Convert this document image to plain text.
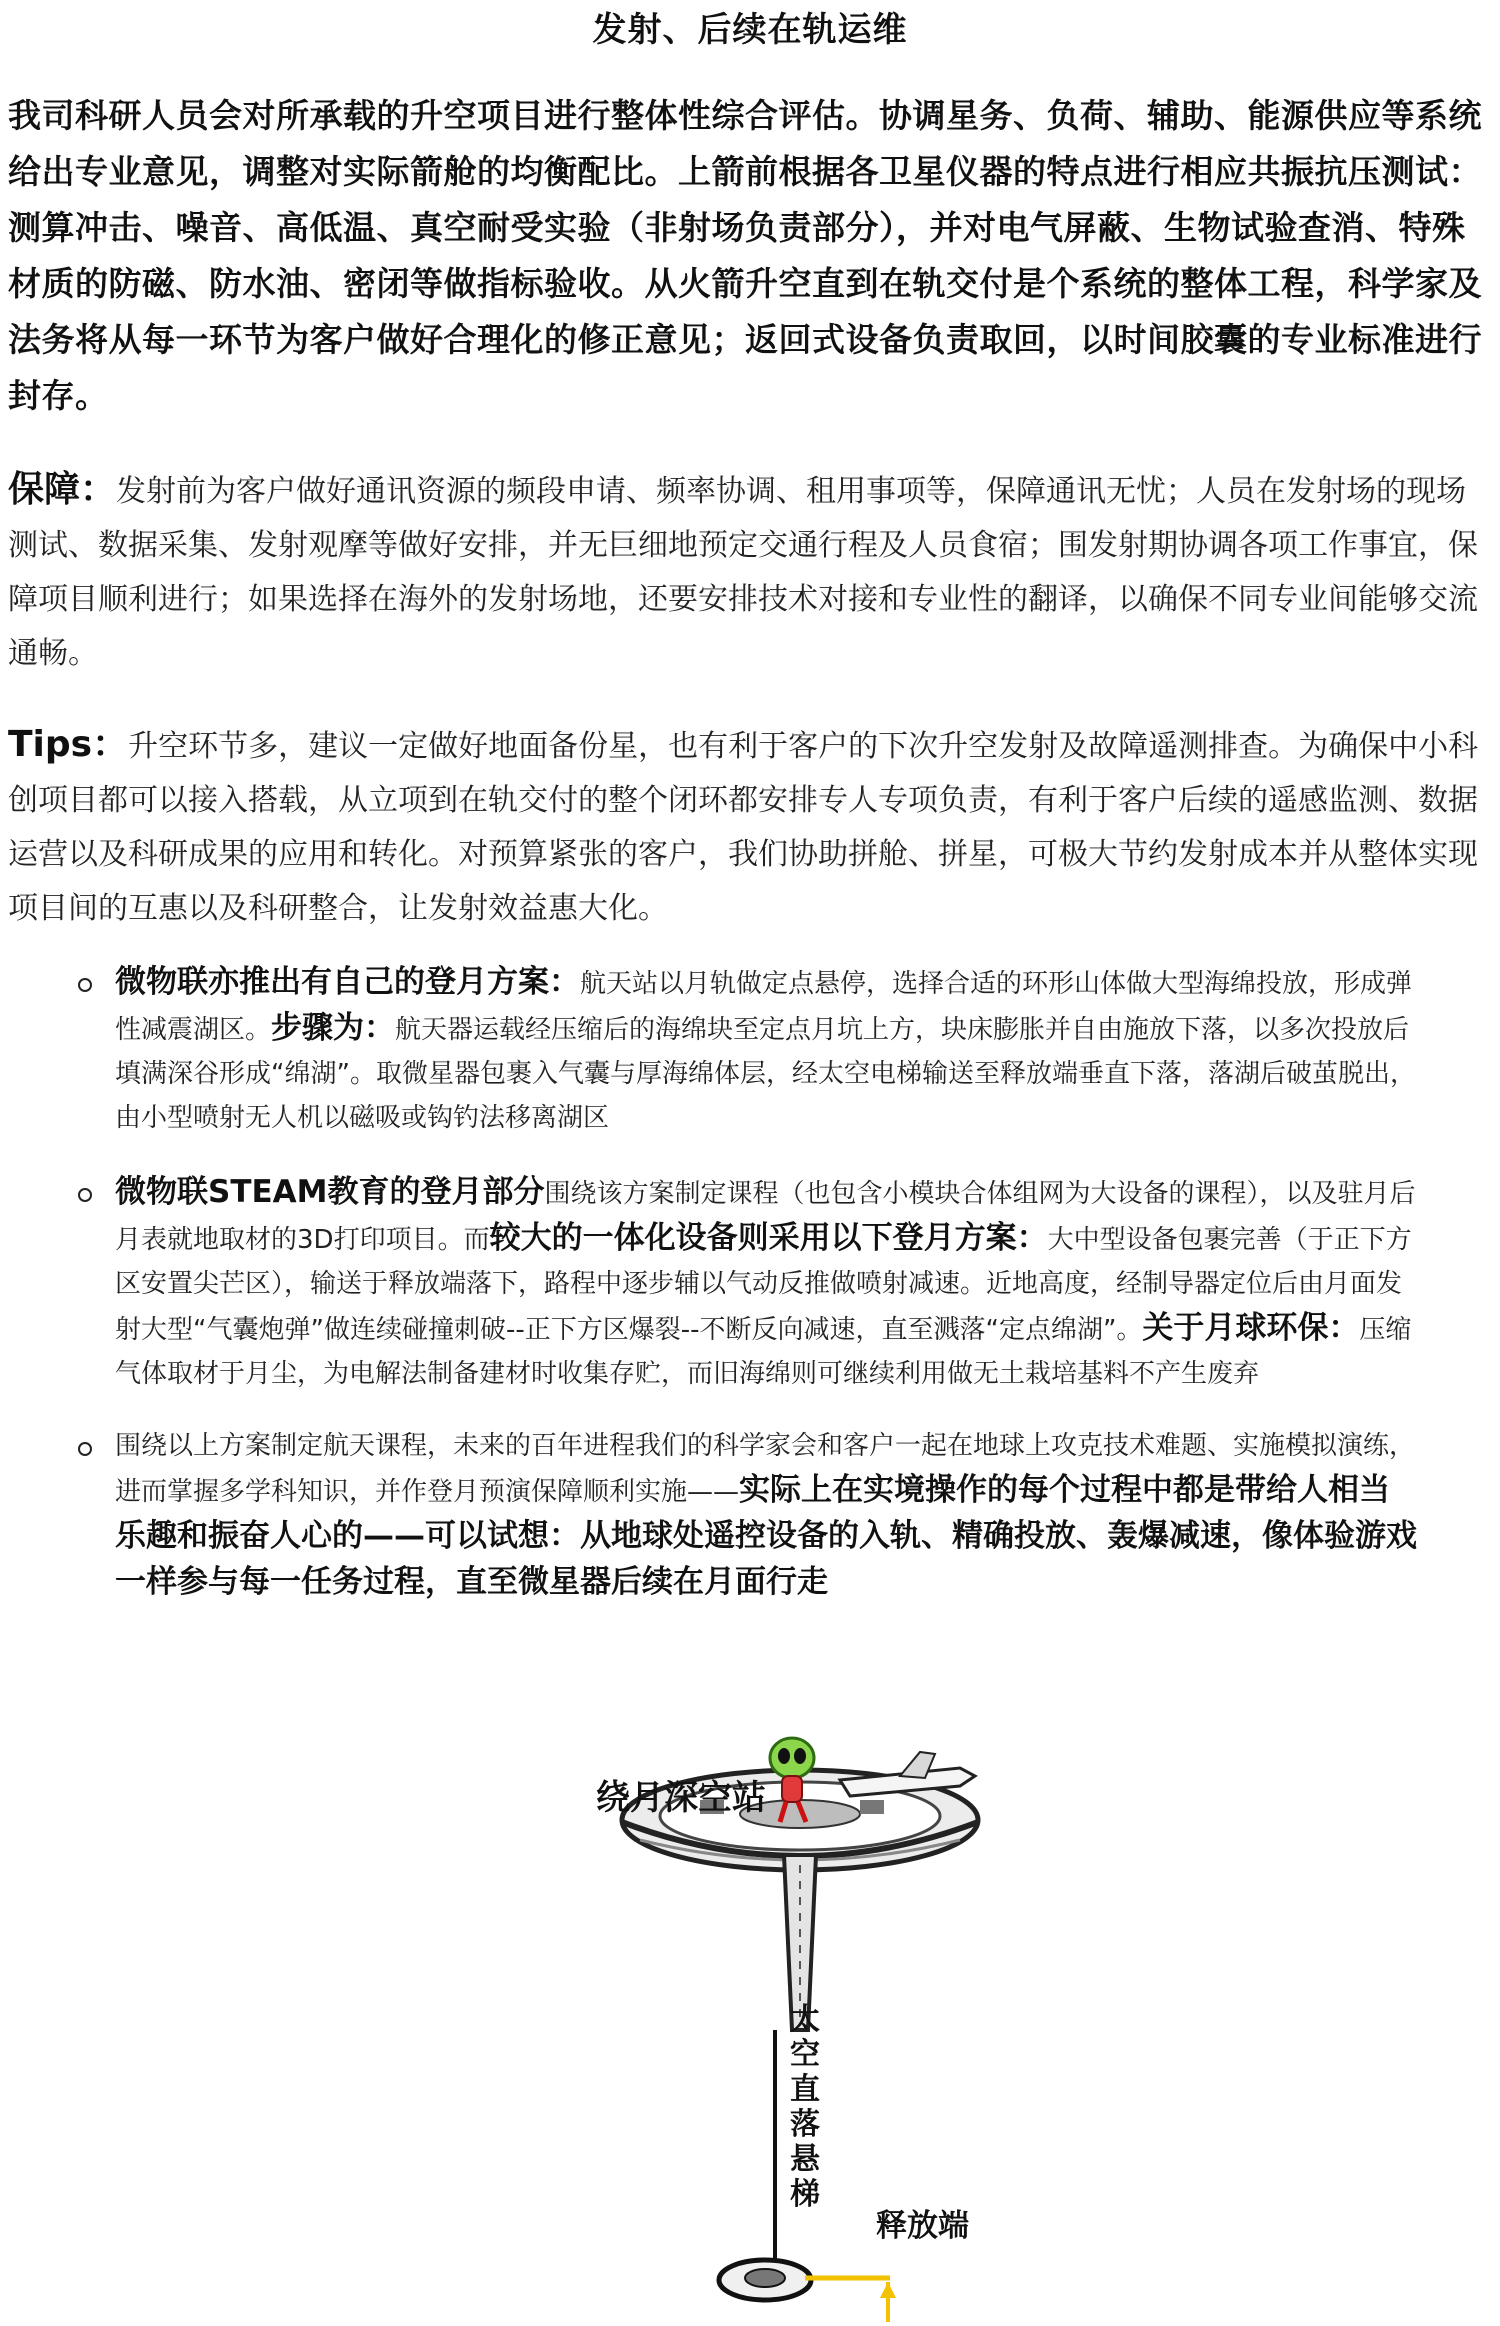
发射、后续在轨运维
我司科研人员会对所承载的升空项目进行整体性综合评估。协调星务、负荷、辅助、能源供应等系统给出专业意见，调整对实际箭舱的均衡配比。上箭前根据各卫星仪器的特点进行相应共振抗压测试：测算冲击、噪音、高低温、真空耐受实验（非射场负责部分），并对电气屏蔽、生物试验查消、特殊材质的防磁、防水油、密闭等做指标验收。从火箭升空直到在轨交付是个系统的整体工程，科学家及法务将从每一环节为客户做好合理化的修正意见；返回式设备负责取回，以时间胶囊的专业标准进行封存。
保障：发射前为客户做好通讯资源的频段申请、频率协调、租用事项等，保障通讯无忧；人员在发射场的现场测试、数据采集、发射观摩等做好安排，并无巨细地预定交通行程及人员食宿；围发射期协调各项工作事宜，保障项目顺利进行；如果选择在海外的发射场地，还要安排技术对接和专业性的翻译，以确保不同专业间能够交流通畅。
Tips：升空环节多，建议一定做好地面备份星，也有利于客户的下次升空发射及故障遥测排查。为确保中小科创项目都可以接入搭载，从立项到在轨交付的整个闭环都安排专人专项负责，有利于客户后续的遥感监测、数据运营以及科研成果的应用和转化。对预算紧张的客户，我们协助拼舱、拼星，可极大节约发射成本并从整体实现项目间的互惠以及科研整合，让发射效益惠大化。
微物联亦推出有自己的登月方案：航天站以月轨做定点悬停，选择合适的环形山体做大型海绵投放，形成弹性减震湖区。步骤为：航天器运载经压缩后的海绵块至定点月坑上方，块床膨胀并自由施放下落，以多次投放后填满深谷形成“绵湖”。取微星器包裹入气囊与厚海绵体层，经太空电梯输送至释放端垂直下落，落湖后破茧脱出，由小型喷射无人机以磁吸或钩钓法移离湖区
微物联STEAM教育的登月部分围绕该方案制定课程（也包含小模块合体组网为大设备的课程），以及驻月后月表就地取材的3D打印项目。而较大的一体化设备则采用以下登月方案：大中型设备包裹完善（于正下方区安置尖芒区），输送于释放端落下，路程中逐步辅以气动反推做喷射减速。近地高度，经制导器定位后由月面发射大型“气囊炮弹”做连续碰撞刺破--正下方区爆裂--不断反向减速，直至溅落“定点绵湖”。关于月球环保：压缩气体取材于月尘，为电解法制备建材时收集存贮，而旧海绵则可继续利用做无土栽培基料不产生废弃
围绕以上方案制定航天课程，未来的百年进程我们的科学家会和客户一起在地球上攻克技术难题、实施模拟演练，进而掌握多学科知识，并作登月预演保障顺利实施——实际上在实境操作的每个过程中都是带给人相当乐趣和振奋人心的——可以试想：从地球处遥控设备的入轨、精确投放、轰爆减速，像体验游戏一样参与每一任务过程，直至微星器后续在月面行走
绕月深空站
太空直落悬梯
释放端
